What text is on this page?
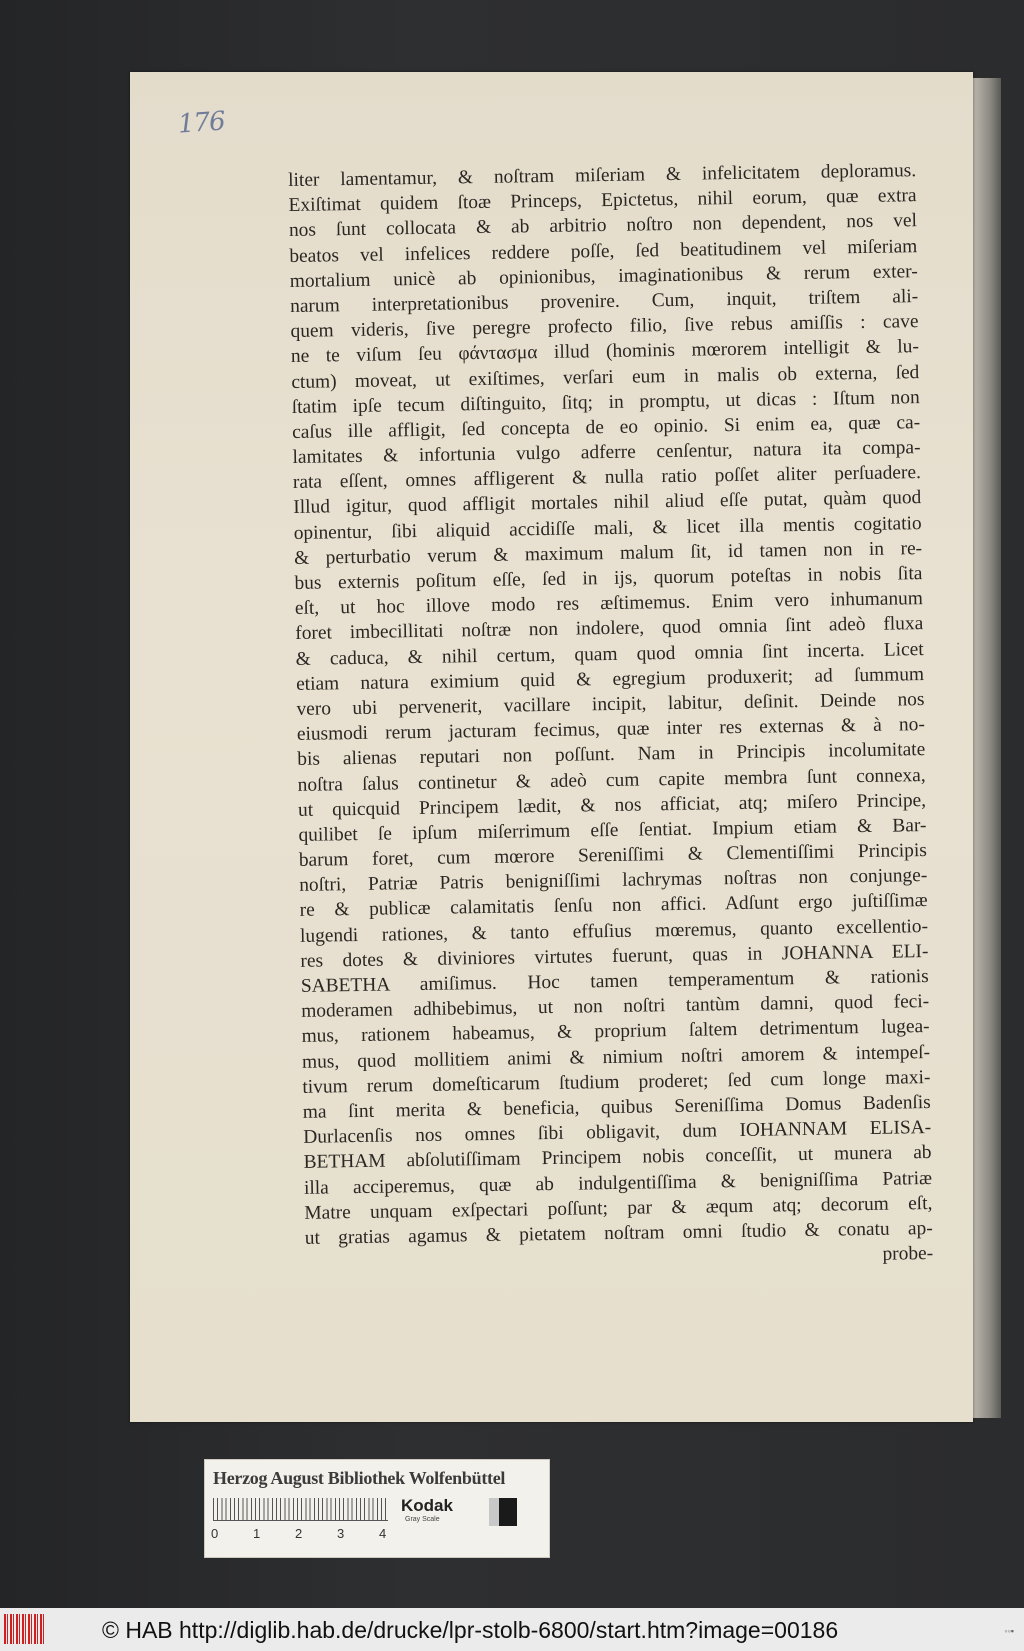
176
liter lamentamur, & noſtram miſeriam & infelicitatem deploramus.
Exiſtimat quidem ſtoæ Princeps, Epictetus, nihil eorum, quæ extra
nos ſunt collocata & ab arbitrio noſtro non dependent, nos vel
beatos vel infelices reddere poſſe, ſed beatitudinem vel miſeriam
mortalium unicè ab opinionibus, imaginationibus & rerum exter-
narum interpretationibus provenire. Cum, inquit, triſtem ali-
quem videris, ſive peregre profecto filio, ſive rebus amiſſis : cave
ne te viſum ſeu φάντασμα illud (hominis mœrorem intelligit & lu-
ctum) moveat, ut exiſtimes, verſari eum in malis ob externa, ſed
ſtatim ipſe tecum diſtinguito, ſitq; in promptu, ut dicas : Iſtum non
caſus ille affligit, ſed concepta de eo opinio. Si enim ea, quæ ca-
lamitates & infortunia vulgo adferre cenſentur, natura ita compa-
rata eſſent, omnes affligerent & nulla ratio poſſet aliter perſuadere.
Illud igitur, quod affligit mortales nihil aliud eſſe putat, quàm quod
opinentur, ſibi aliquid accidiſſe mali, & licet illa mentis cogitatio
& perturbatio verum & maximum malum ſit, id tamen non in re-
bus externis poſitum eſſe, ſed in ijs, quorum poteſtas in nobis ſita
eſt, ut hoc illove modo res æſtimemus. Enim vero inhumanum
foret imbecillitati noſtræ non indolere, quod omnia ſint adeò fluxa
& caduca, & nihil certum, quam quod omnia ſint incerta. Licet
etiam natura eximium quid & egregium produxerit; ad ſummum
vero ubi pervenerit, vacillare incipit, labitur, deſinit. Deinde nos
eiusmodi rerum jacturam fecimus, quæ inter res externas & à no-
bis alienas reputari non poſſunt. Nam in Principis incolumitate
noſtra ſalus continetur & adeò cum capite membra ſunt connexa,
ut quicquid Principem lædit, & nos afficiat, atq; miſero Principe,
quilibet ſe ipſum miſerrimum eſſe ſentiat. Impium etiam & Bar-
barum foret, cum mœrore Sereniſſimi & Clementiſſimi Principis
noſtri, Patriæ Patris benigniſſimi lachrymas noſtras non conjunge-
re & publicæ calamitatis ſenſu non affici. Adſunt ergo juſtiſſimæ
lugendi rationes, & tanto effuſius mœremus, quanto excellentio-
res dotes & diviniores virtutes fuerunt, quas in JOHANNA ELI-
SABETHA amiſimus. Hoc tamen temperamentum & rationis
moderamen adhibebimus, ut non noſtri tantùm damni, quod feci-
mus, rationem habeamus, & proprium ſaltem detrimentum lugea-
mus, quod mollitiem animi & nimium noſtri amorem & intempeſ-
tivum rerum domeſticarum ſtudium proderet; ſed cum longe maxi-
ma ſint merita & beneficia, quibus Sereniſſima Domus Badenſis
Durlacenſis nos omnes ſibi obligavit, dum IOHANNAM ELISA-
BETHAM abſolutiſſimam Principem nobis conceſſit, ut munera ab
illa acciperemus, quæ ab indulgentiſſima & benigniſſima Patriæ
Matre unquam exſpectari poſſunt; par & æqum atq; decorum eſt,
ut gratias agamus & pietatem noſtram omni ſtudio & conatu ap-
probe-
Herzog August Bibliothek Wolfenbüttel
0	1	2	3	4
Kodak
Gray Scale
© HAB http://diglib.hab.de/drucke/lpr-stolb-6800/start.htm?image=00186	◦◦▪
